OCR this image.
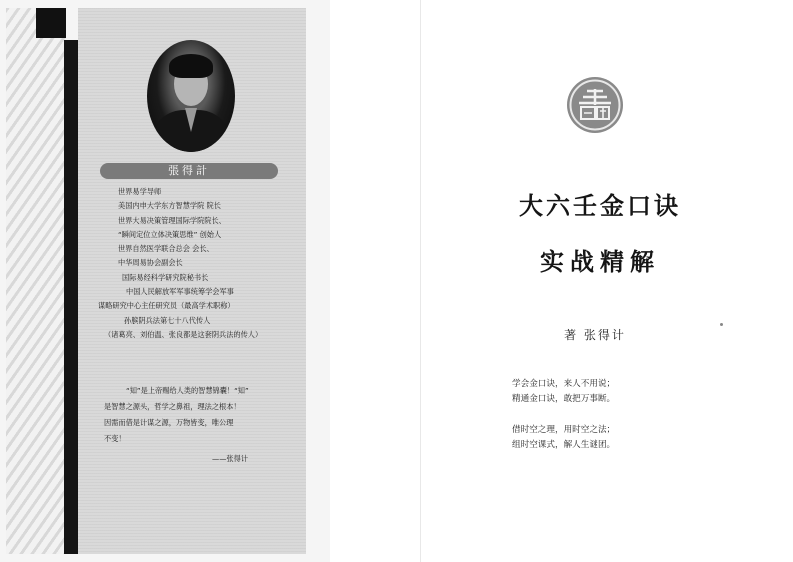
張得計
世界易学导师
美国内申大学东方智慧学院 院长
世界大易决策管理国际学院院长、
“瞬间定位立体决策思维” 创始人
世界自然医学联合总会 会长、
中华周易协会副会长
国际易经科学研究院秘书长
中国人民解放军军事统筹学会军事
谋略研究中心主任研究员（最高学术职称）
孙膑阴兵法第七十八代传人
（诸葛亮、刘伯温、张良都是这套阴兵法的传人）
“知”是上帝赐给人类的智慧锦囊！“知”
是智慧之源头，哲学之鼻祖，理法之根本！
因需而借是计谋之源，万物皆变，唯公理
不变！
——张得计
大六壬金口诀
实战精解
著 张得计
学会金口诀，来人不用说；
精通金口诀，敢把万事断。
借时空之理，用时空之法；
组时空课式，解人生谜团。
